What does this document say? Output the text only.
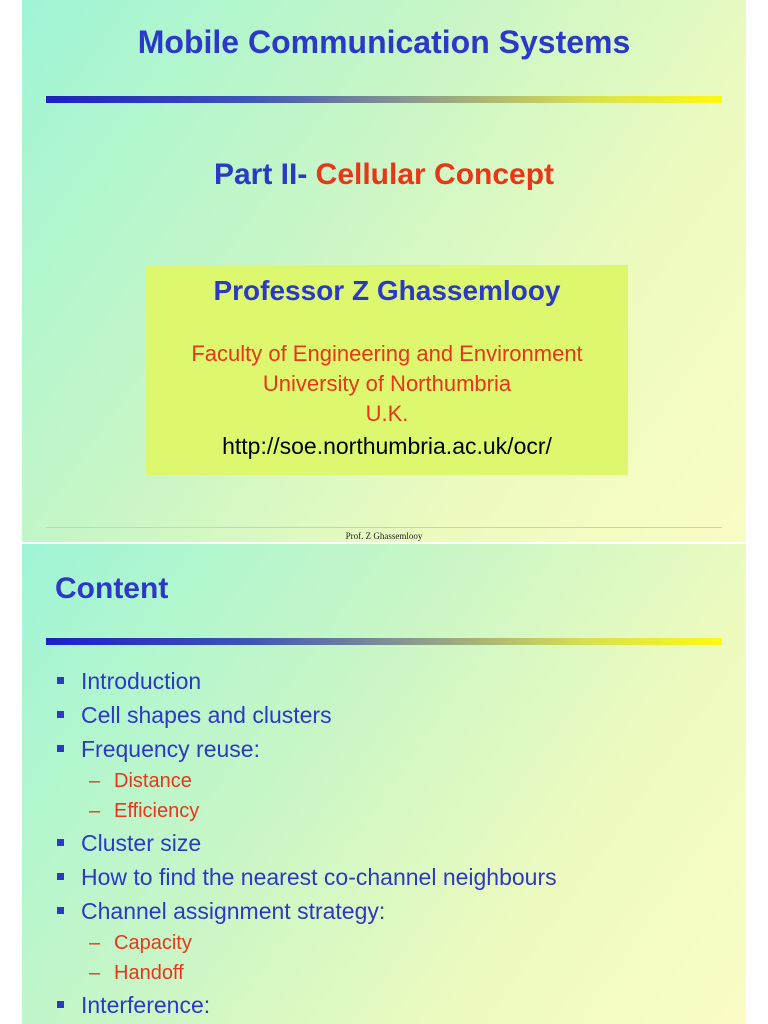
Mobile Communication Systems
Part II- Cellular Concept
Professor Z Ghassemlooy
Faculty of Engineering and Environment
University of Northumbria
U.K.
http://soe.northumbria.ac.uk/ocr/
Prof. Z Ghassemlooy
Content
Introduction
Cell shapes and clusters
Frequency reuse:
– Distance
– Efficiency
Cluster size
How to find the nearest co-channel neighbours
Channel assignment strategy:
– Capacity
– Handoff
Interference:
